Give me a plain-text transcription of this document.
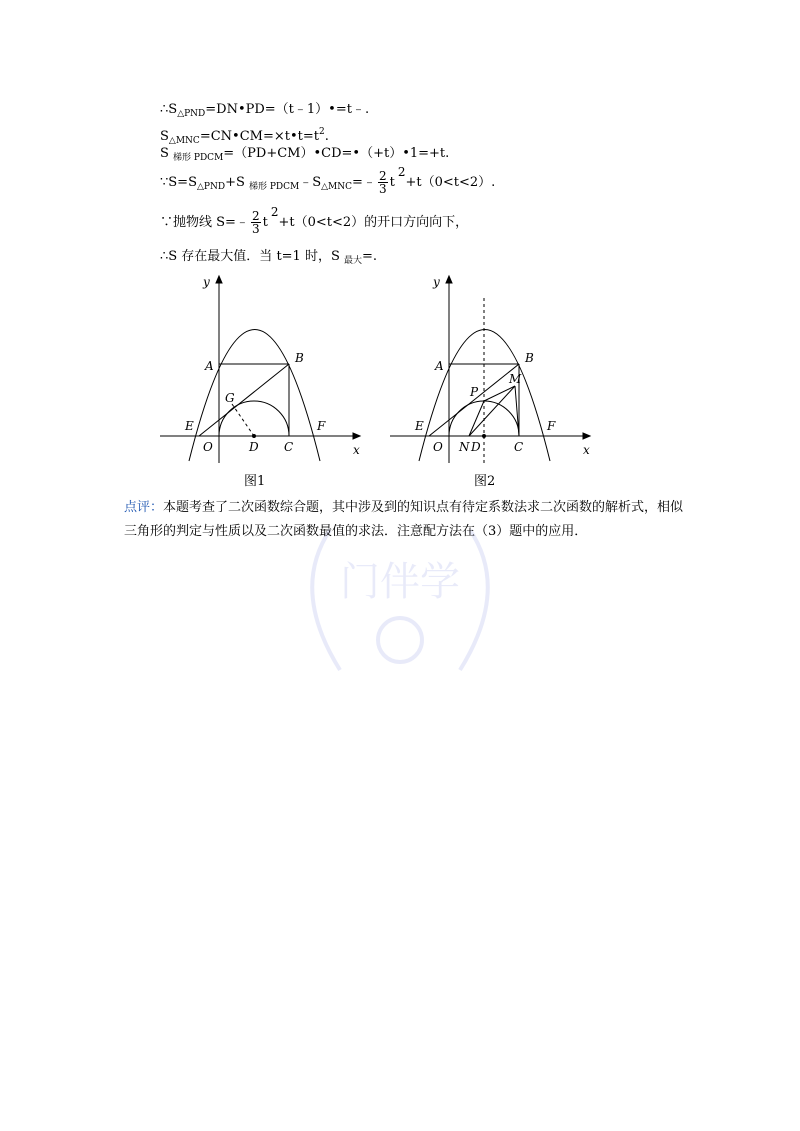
门伴学
$\therefore S_{\triangle PND}=DN•PD=(t﹣1)•=t﹣$.
$S_{\triangle MNC}=CN•CM=\times t•t=t^2$.
S $_{梯形 PDCM}$=（PD+CM）•CD=•（+t）•1=+t.
$\because S=S_{\triangle PND}+S$ $_{梯形 PDCM}﹣S_{\triangle MNC}=﹣ \frac{2}{3} t2+t(0<t<2)$.
∵抛物线 S=﹣ $\frac{2}{3} t2+t(0<t<2)$的开口方向向下，
∴S 存在最大值．当 t=1 时，S $_{最大}$=.
y
x
A
B
G
E
O	D C
F
图1
y
x
A
B
P
M
E
O N D	C
F
图2
点评：本题考查了二次函数综合题，其中涉及到的知识点有待定系数法求二次函数的解析式，相似三角形的判定与性质以及二次函数最值的求法．注意配方法在（3）题中的应用．
